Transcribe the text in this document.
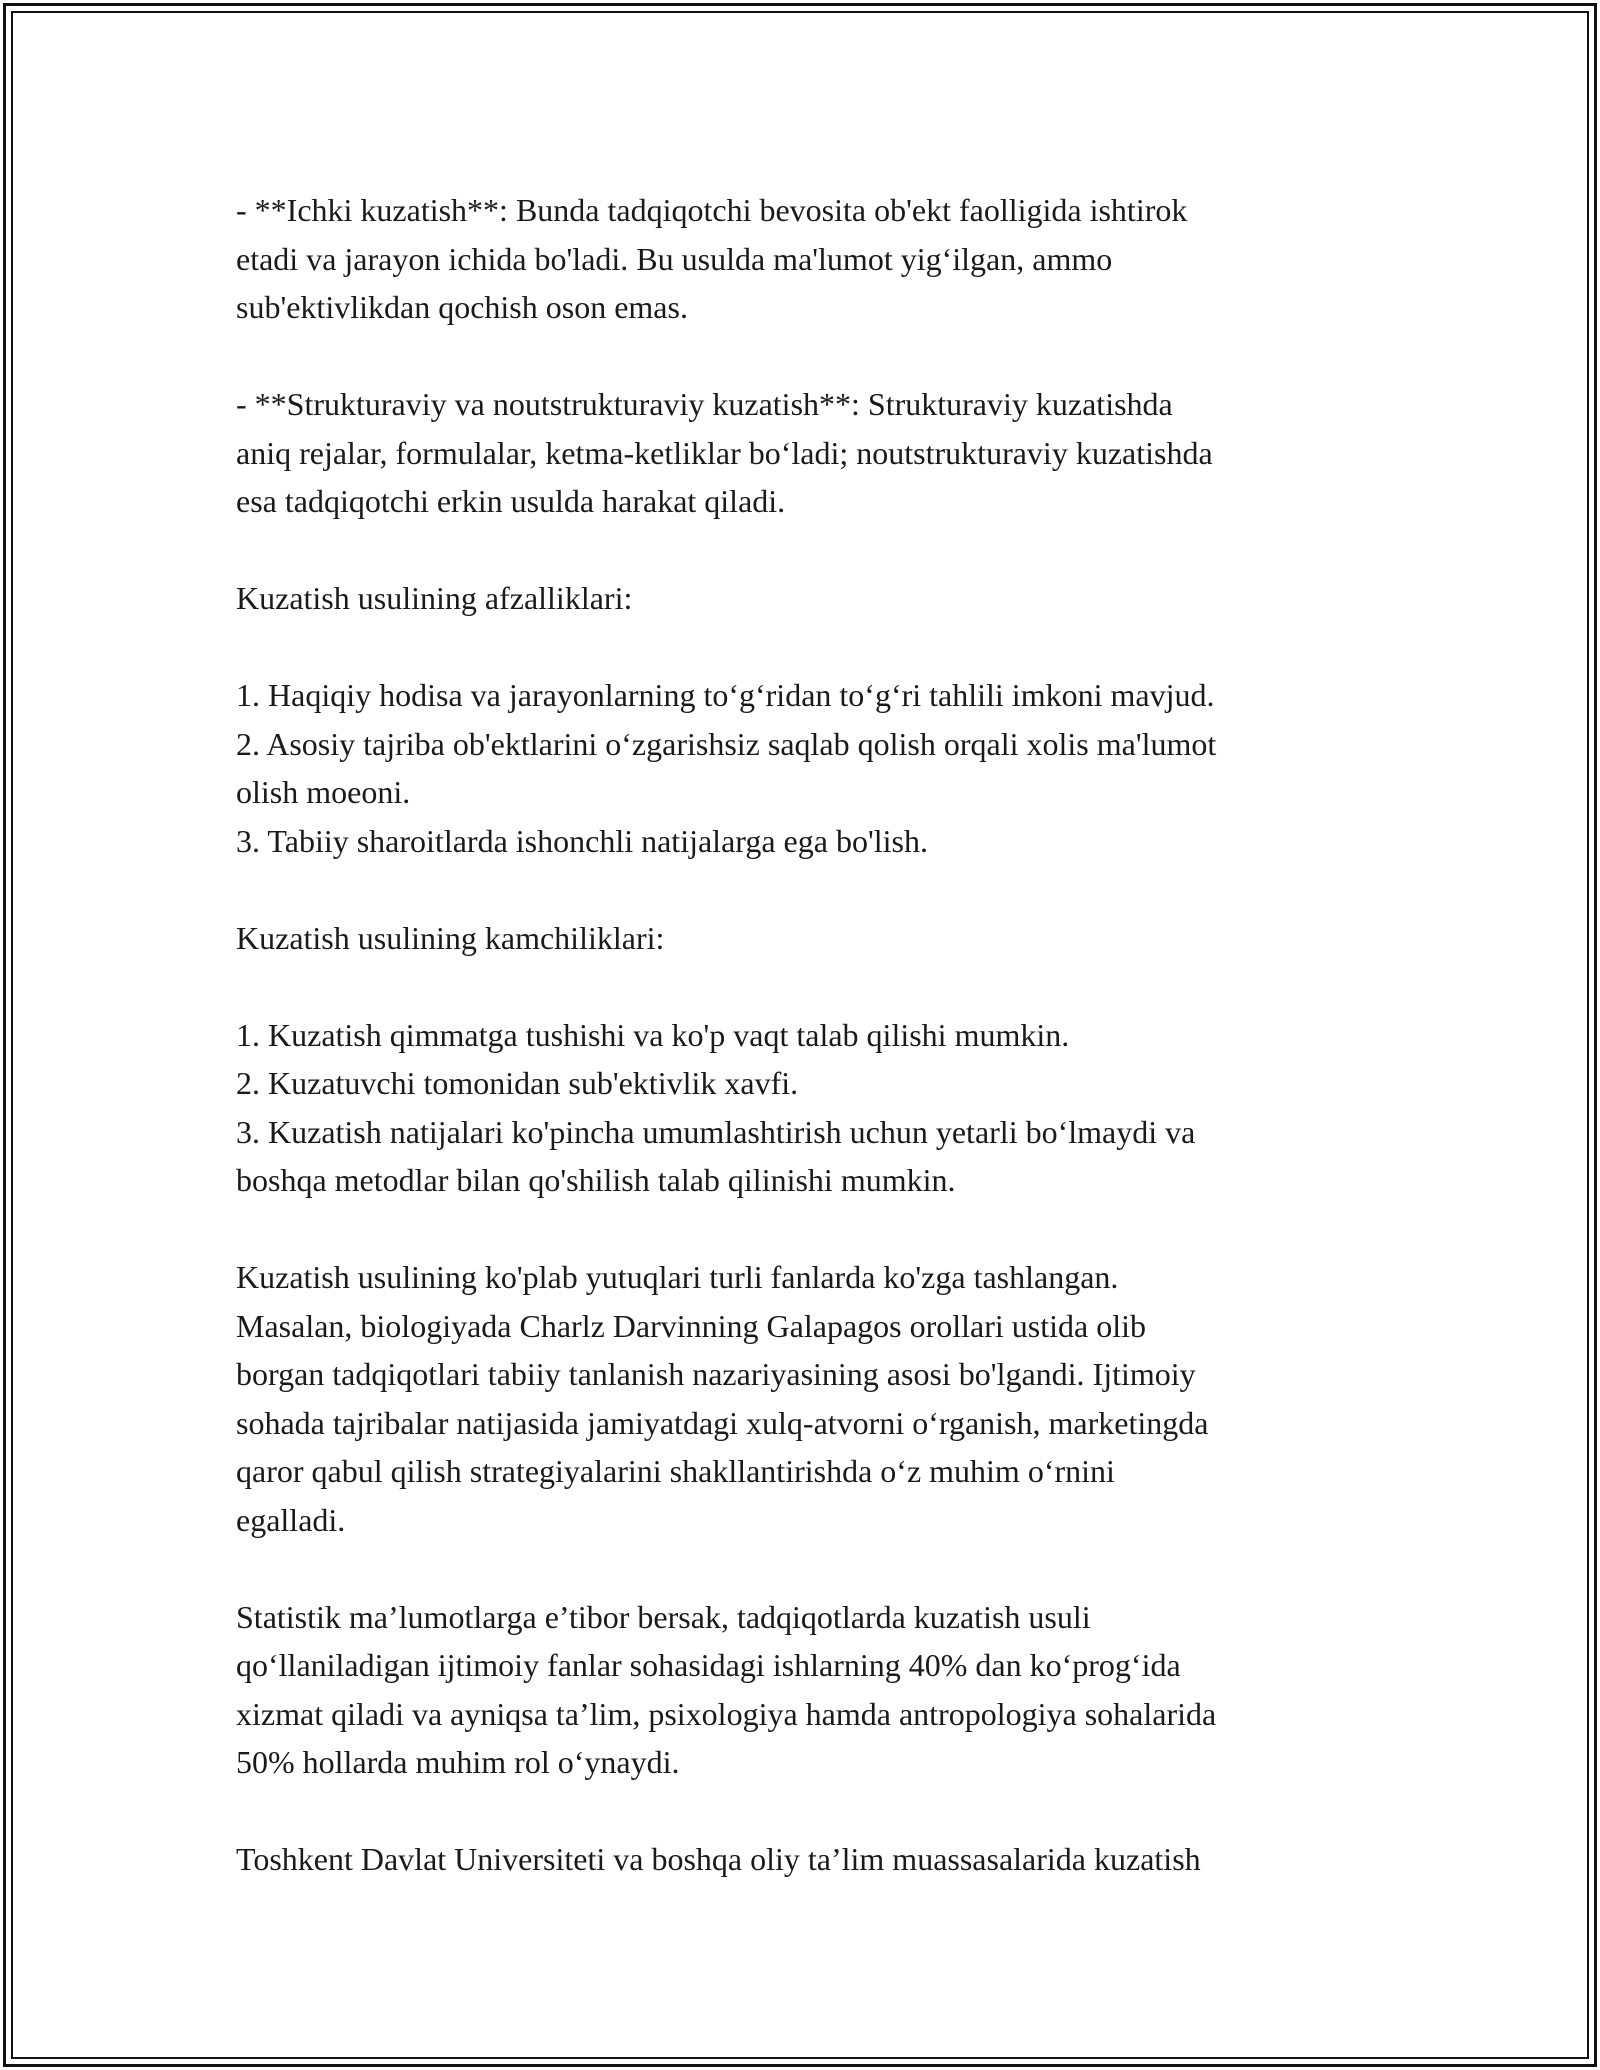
- **Ichki kuzatish**: Bunda tadqiqotchi bevosita ob'ekt faolligida ishtirok
etadi va jarayon ichida bo'ladi. Bu usulda ma'lumot yig‘ilgan, ammo
sub'ektivlikdan qochish oson emas.

- **Strukturaviy va noutstrukturaviy kuzatish**: Strukturaviy kuzatishda
aniq rejalar, formulalar, ketma-ketliklar bo‘ladi; noutstrukturaviy kuzatishda
esa tadqiqotchi erkin usulda harakat qiladi.

Kuzatish usulining afzalliklari:

1. Haqiqiy hodisa va jarayonlarning to‘g‘ridan to‘g‘ri tahlili imkoni mavjud.
2. Asosiy tajriba ob'ektlarini o‘zgarishsiz saqlab qolish orqali xolis ma'lumot
olish moeoni.
3. Tabiiy sharoitlarda ishonchli natijalarga ega bo'lish.

Kuzatish usulining kamchiliklari:

1. Kuzatish qimmatga tushishi va ko'p vaqt talab qilishi mumkin.
2. Kuzatuvchi tomonidan sub'ektivlik xavfi.
3. Kuzatish natijalari ko'pincha umumlashtirish uchun yetarli bo‘lmaydi va
boshqa metodlar bilan qo'shilish talab qilinishi mumkin.

Kuzatish usulining ko'plab yutuqlari turli fanlarda ko'zga tashlangan.
Masalan, biologiyada Charlz Darvinning Galapagos orollari ustida olib
borgan tadqiqotlari tabiiy tanlanish nazariyasining asosi bo'lgandi. Ijtimoiy
sohada tajribalar natijasida jamiyatdagi xulq-atvorni o‘rganish, marketingda
qaror qabul qilish strategiyalarini shakllantirishda o‘z muhim o‘rnini
egalladi.

Statistik ma’lumotlarga e’tibor bersak, tadqiqotlarda kuzatish usuli
qo‘llaniladigan ijtimoiy fanlar sohasidagi ishlarning 40% dan ko‘prog‘ida
xizmat qiladi va ayniqsa ta’lim, psixologiya hamda antropologiya sohalarida
50% hollarda muhim rol o‘ynaydi.

Toshkent Davlat Universiteti va boshqa oliy ta’lim muassasalarida kuzatish
